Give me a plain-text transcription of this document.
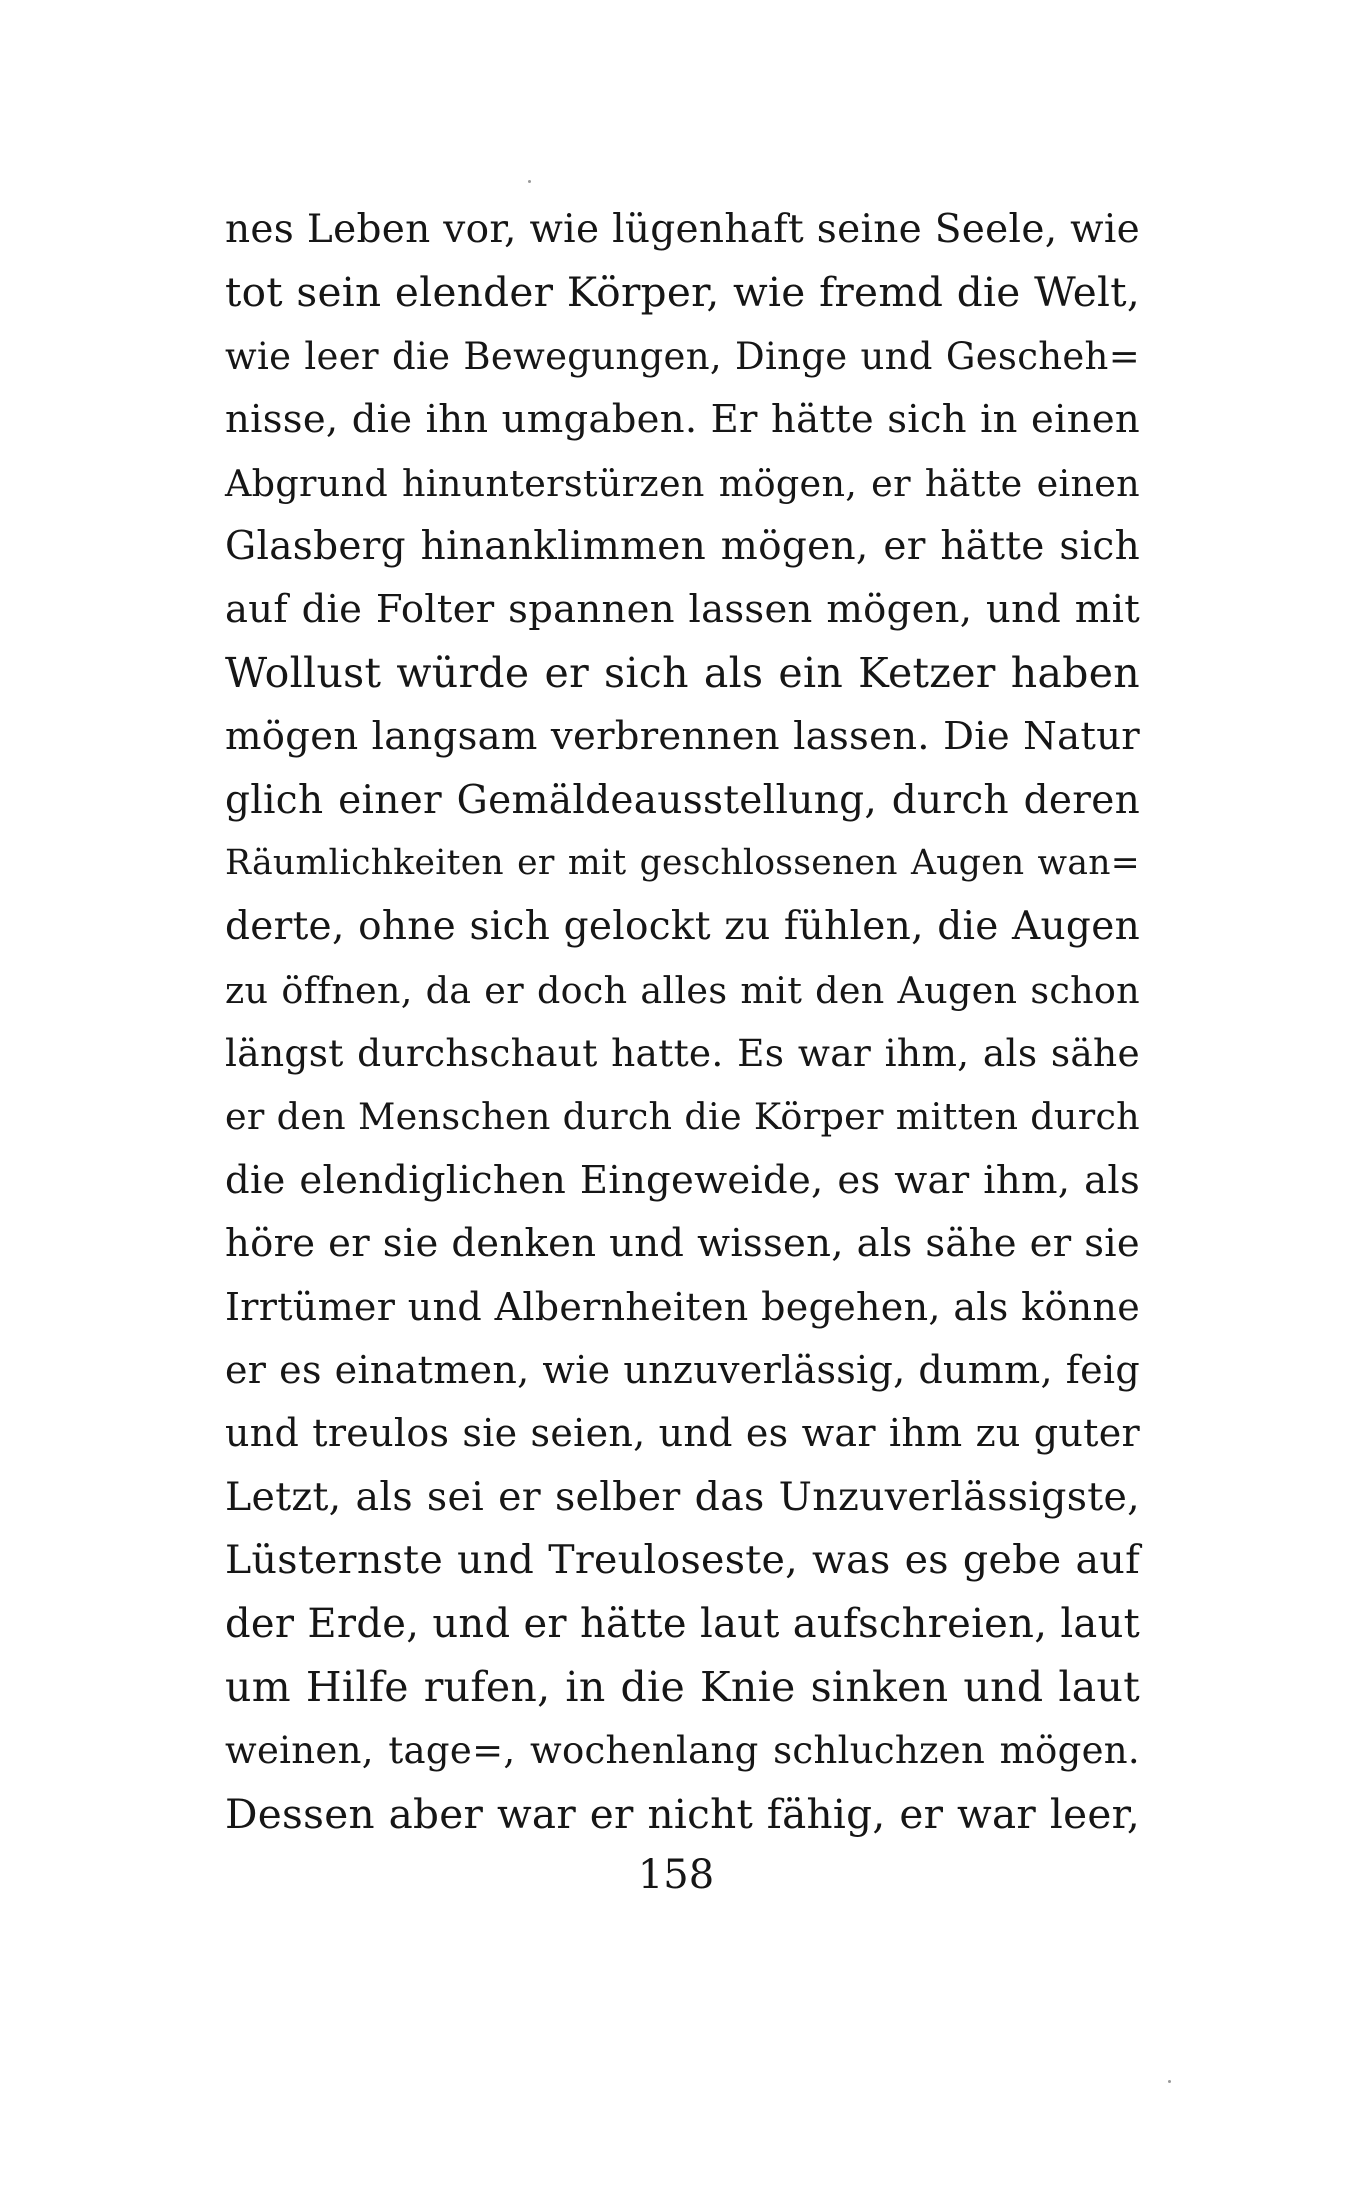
nes Leben vor, wie lügenhaft seine Seele, wie
tot sein elender Körper, wie fremd die Welt,
wie leer die Bewegungen, Dinge und Gescheh=
nisse, die ihn umgaben. Er hätte sich in einen
Abgrund hinunterstürzen mögen, er hätte einen
Glasberg hinanklimmen mögen, er hätte sich
auf die Folter spannen lassen mögen, und mit
Wollust würde er sich als ein Ketzer haben
mögen langsam verbrennen lassen. Die Natur
glich einer Gemäldeausstellung, durch deren
Räumlichkeiten er mit geschlossenen Augen wan=
derte, ohne sich gelockt zu fühlen, die Augen
zu öffnen, da er doch alles mit den Augen schon
längst durchschaut hatte. Es war ihm, als sähe
er den Menschen durch die Körper mitten durch
die elendiglichen Eingeweide, es war ihm, als
höre er sie denken und wissen, als sähe er sie
Irrtümer und Albernheiten begehen, als könne
er es einatmen, wie unzuverlässig, dumm, feig
und treulos sie seien, und es war ihm zu guter
Letzt, als sei er selber das Unzuverlässigste,
Lüsternste und Treuloseste, was es gebe auf
der Erde, und er hätte laut aufschreien, laut
um Hilfe rufen, in die Knie sinken und laut
weinen, tage=, wochenlang schluchzen mögen.
Dessen aber war er nicht fähig, er war leer,
158
